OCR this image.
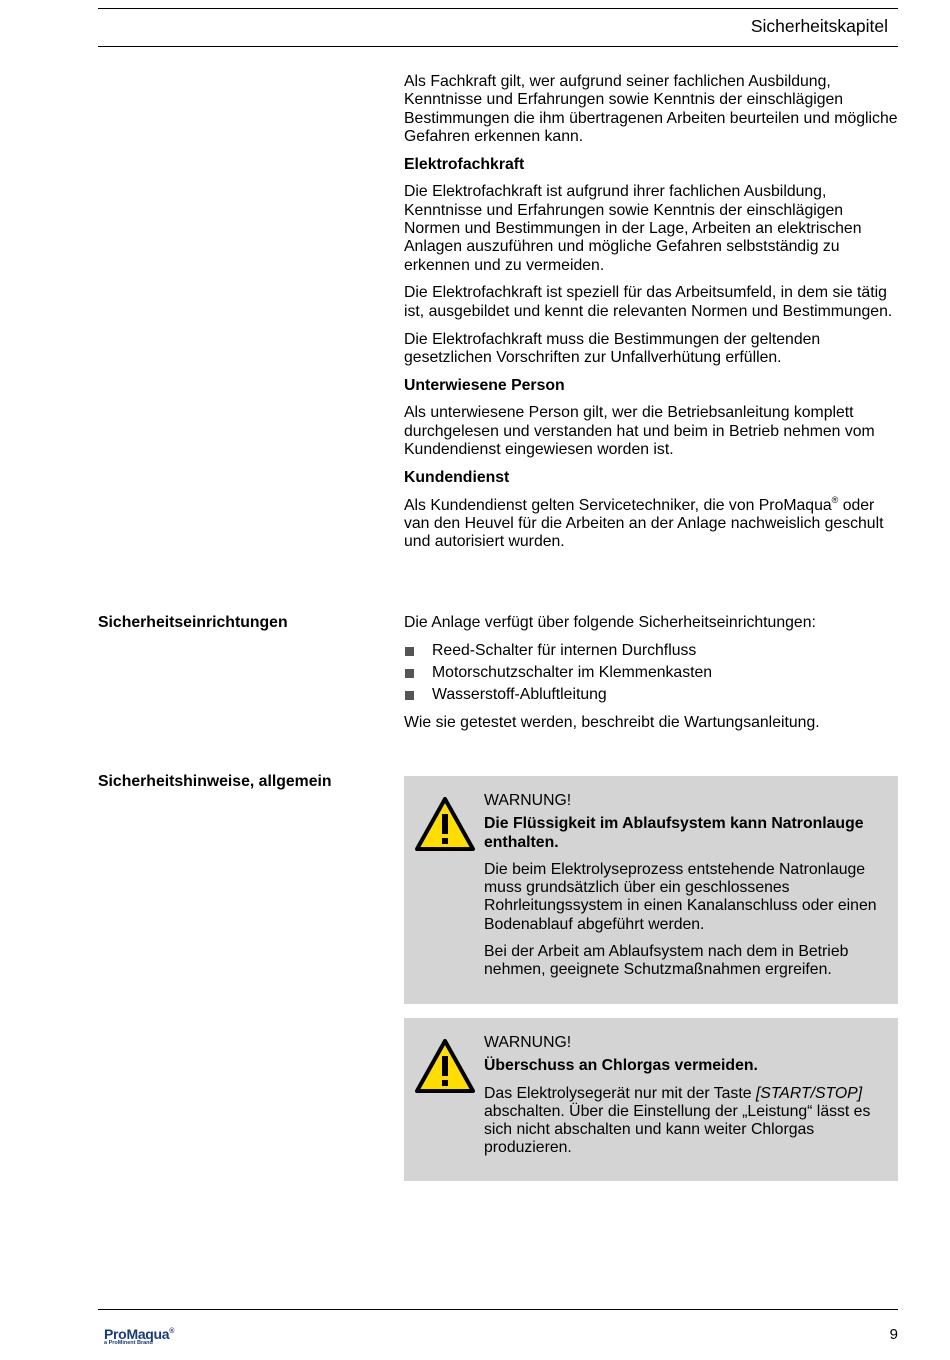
Sicherheitskapitel

Als Fachkraft gilt, wer aufgrund seiner fachlichen Ausbildung, Kenntnisse und Erfahrungen sowie Kenntnis der einschlägigen Bestimmungen die ihm übertragenen Arbeiten beurteilen und mögliche Gefahren erkennen kann.

Elektrofachkraft

Die Elektrofachkraft ist aufgrund ihrer fachlichen Ausbildung, Kenntnisse und Erfahrungen sowie Kenntnis der einschlägigen Normen und Bestimmungen in der Lage, Arbeiten an elektrischen Anlagen auszuführen und mögliche Gefahren selbstständig zu erkennen und zu vermeiden.

Die Elektrofachkraft ist speziell für das Arbeitsumfeld, in dem sie tätig ist, ausgebildet und kennt die relevanten Normen und Bestimmungen.

Die Elektrofachkraft muss die Bestimmungen der geltenden gesetzlichen Vorschriften zur Unfallverhütung erfüllen.

Unterwiesene Person

Als unterwiesene Person gilt, wer die Betriebsanleitung komplett durchgelesen und verstanden hat und beim in Betrieb nehmen vom Kundendienst eingewiesen worden ist.

Kundendienst

Als Kundendienst gelten Servicetechniker, die von ProMaqua® oder van den Heuvel für die Arbeiten an der Anlage nachweislich geschult und autorisiert wurden.

Sicherheitseinrichtungen	Die Anlage verfügt über folgende Sicherheitseinrichtungen:

Reed-Schalter für internen Durchfluss
Motorschutzschalter im Klemmenkasten
Wasserstoff-Abluftleitung

Wie sie getestet werden, beschreibt die Wartungsanleitung.

Sicherheitshinweise, allgemein
WARNUNG!
Die Flüssigkeit im Ablaufsystem kann Natronlauge enthalten.

Die beim Elektrolyseprozess entstehende Natronlauge muss grundsätzlich über ein geschlossenes Rohrleitungssystem in einen Kanalanschluss oder einen Bodenablauf abgeführt werden.

Bei der Arbeit am Ablaufsystem nach dem in Betrieb nehmen, geeignete Schutzmaßnahmen ergreifen.

WARNUNG!
Überschuss an Chlorgas vermeiden.

Das Elektrolysegerät nur mit der Taste [START/STOP] abschalten. Über die Einstellung der „Leistung“ lässt es sich nicht abschalten und kann weiter Chlorgas produzieren.

ProMaqua®
a ProMinent Brand	9
